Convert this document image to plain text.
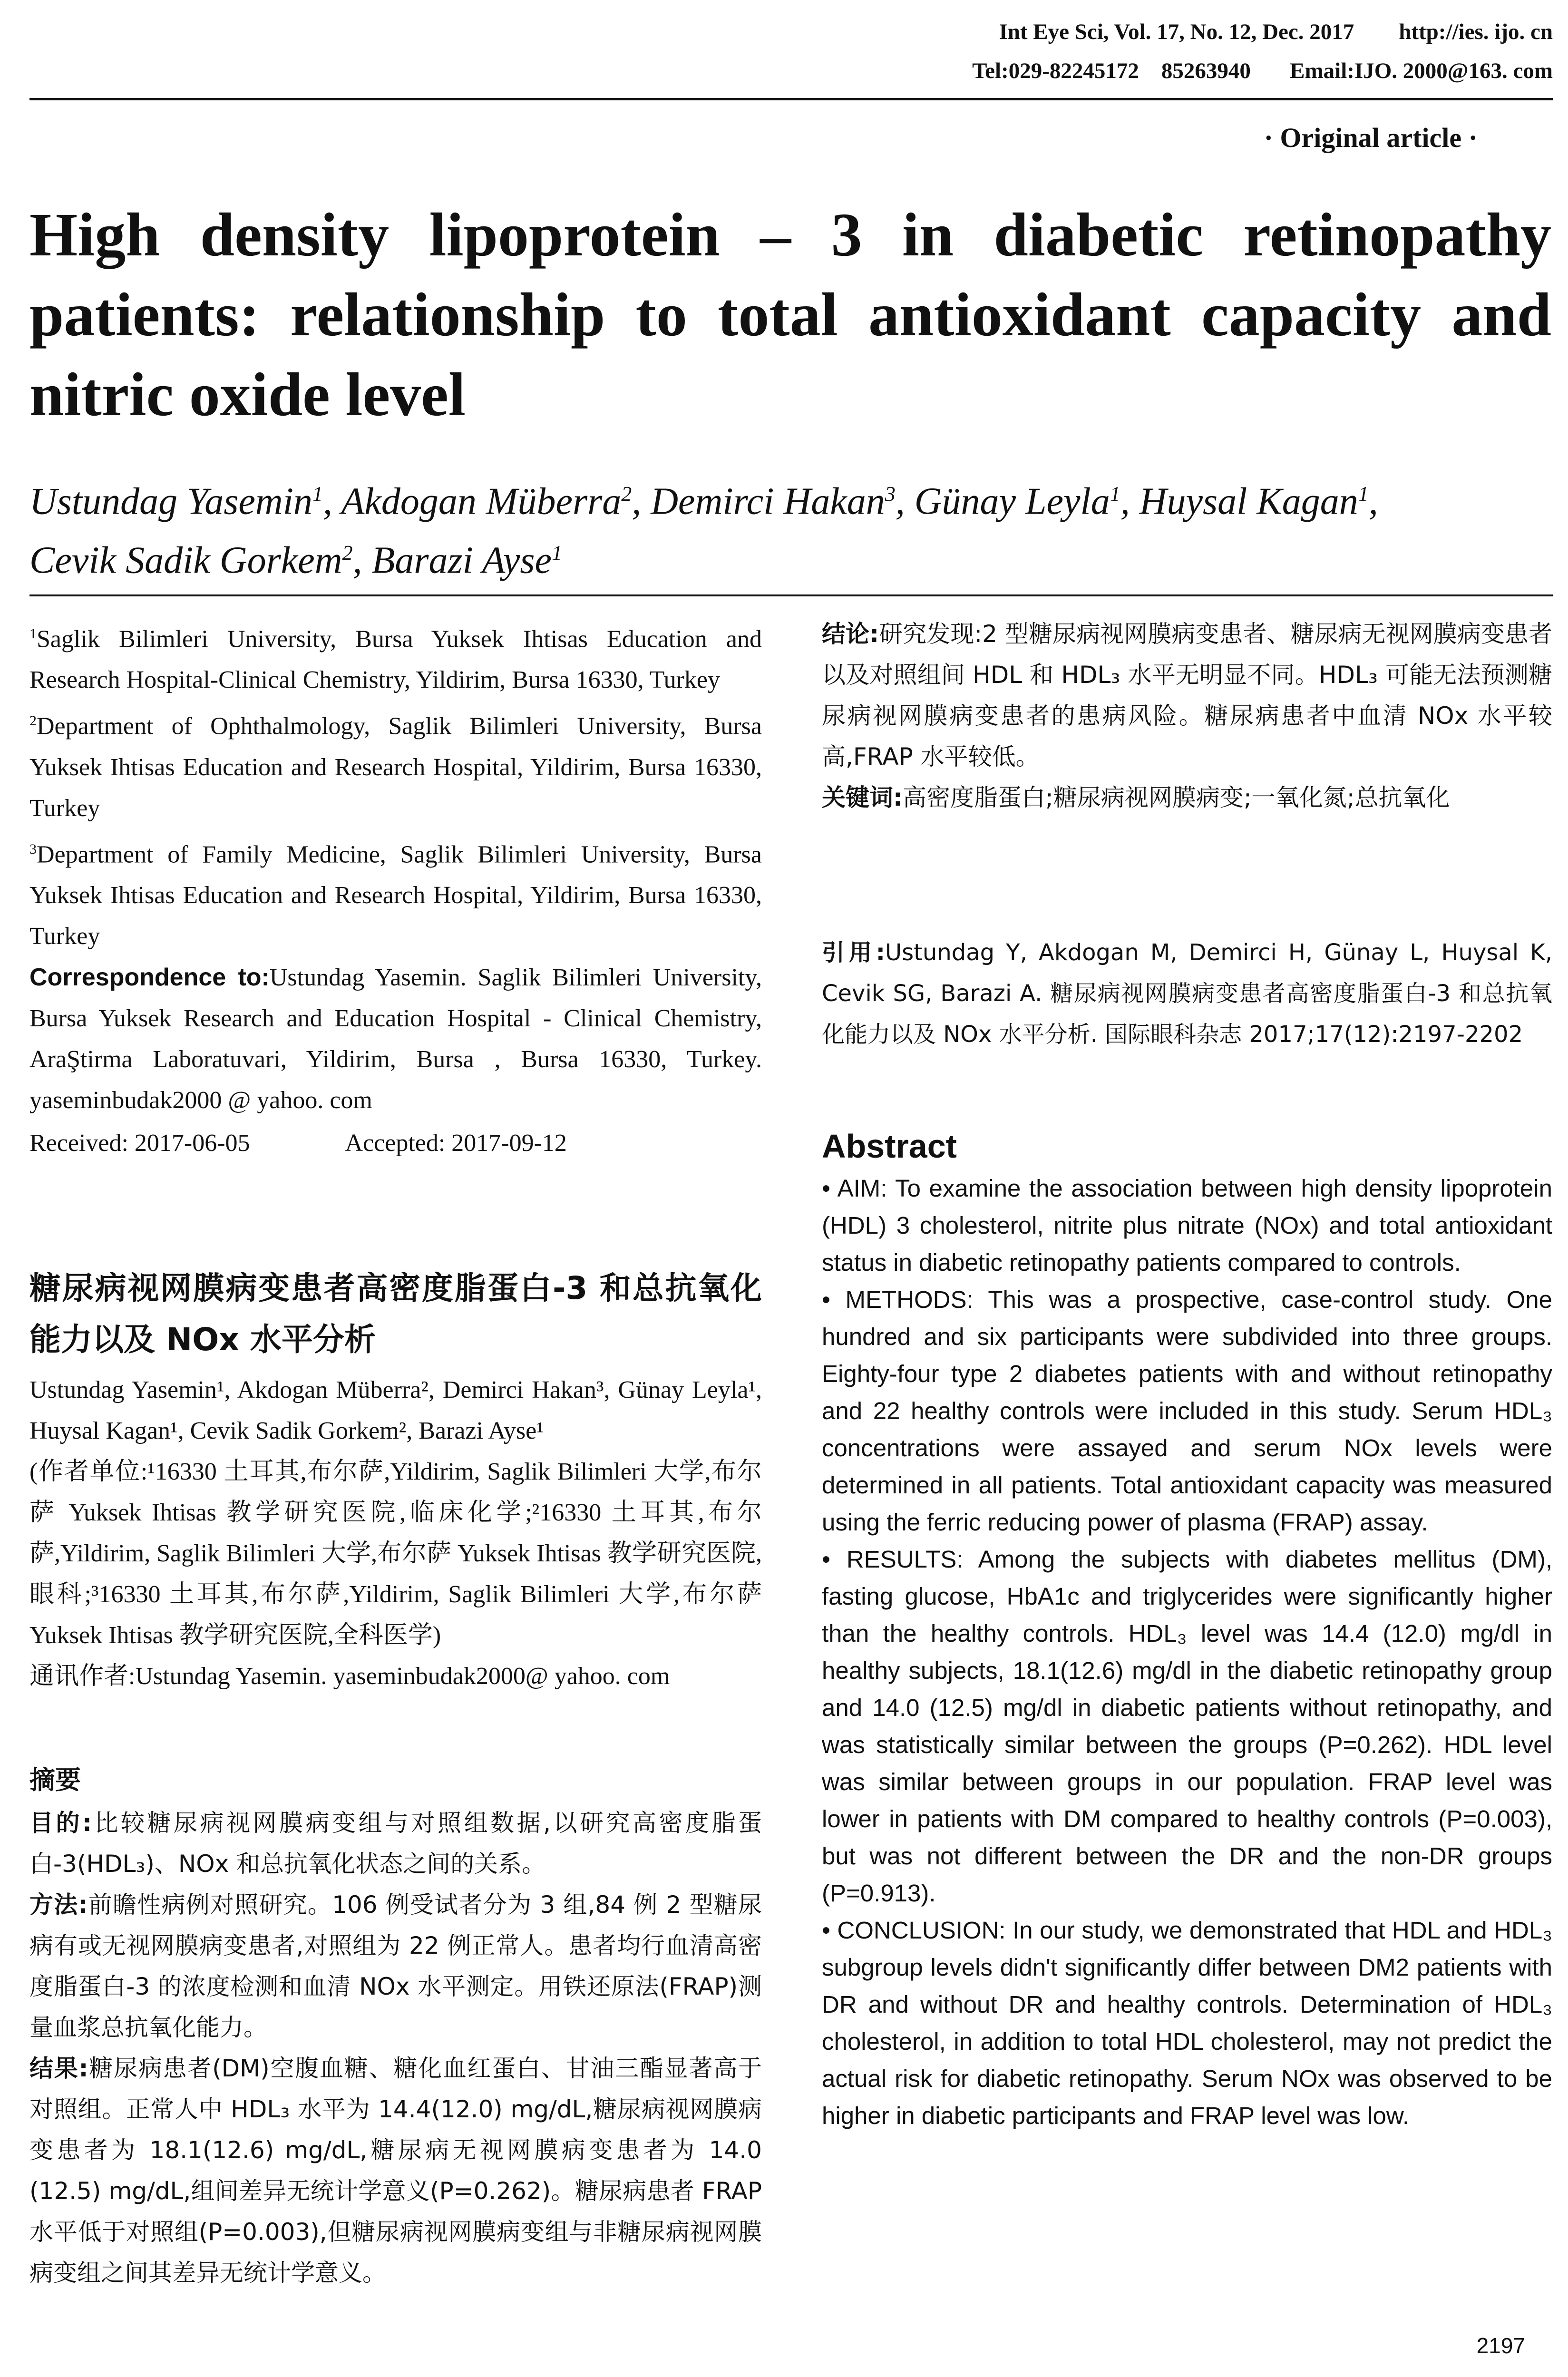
Int Eye Sci, Vol. 17, No. 12, Dec. 2017        http://ies. ijo. cn
Tel:029-82245172    85263940       Email:IJO. 2000@163. com
· Original article ·
High density lipoprotein – 3 in diabetic retinopathy patients: relationship to total antioxidant capacity and nitric oxide level
Ustundag Yasemin$^1$, Akdogan Müberra$^2$, Demirci Hakan$^3$, Günay Leyla$^1$, Huysal Kagan$^1$,
Cevik Sadik Gorkem$^2$, Barazi Ayse$^1$

$^1$Saglik Bilimleri University, Bursa Yuksek Ihtisas Education and Research Hospital-Clinical Chemistry, Yildirim, Bursa 16330, Turkey

$^2$Department of Ophthalmology, Saglik Bilimleri University, Bursa Yuksek Ihtisas Education and Research Hospital, Yildirim, Bursa 16330, Turkey

$^3$Department of Family Medicine, Saglik Bilimleri University, Bursa Yuksek Ihtisas Education and Research Hospital, Yildirim, Bursa 16330, Turkey

Correspondence to:Ustundag Yasemin. Saglik Bilimleri University, Bursa Yuksek Research and Education Hospital - Clinical Chemistry, AraŞtirma Laboratuvari, Yildirim, Bursa , Bursa 16330, Turkey. yaseminbudak2000 @ yahoo. com

Received: 2017-06-05	Accepted: 2017-09-12
糖尿病视网膜病变患者高密度脂蛋白-3 和总抗氧化能力以及 NOx 水平分析

Ustundag Yasemin¹, Akdogan Müberra², Demirci Hakan³, Günay Leyla¹, Huysal Kagan¹, Cevik Sadik Gorkem², Barazi Ayse¹

(作者单位:¹16330 土耳其,布尔萨,Yildirim, Saglik Bilimleri 大学,布尔萨 Yuksek Ihtisas 教学研究医院,临床化学;²16330 土耳其,布尔萨,Yildirim, Saglik Bilimleri 大学,布尔萨 Yuksek Ihtisas 教学研究医院,眼科;³16330 土耳其,布尔萨,Yildirim, Saglik Bilimleri 大学,布尔萨 Yuksek Ihtisas 教学研究医院,全科医学)

通讯作者:Ustundag Yasemin. yaseminbudak2000@ yahoo. com

摘要

目的:比较糖尿病视网膜病变组与对照组数据,以研究高密度脂蛋白-3(HDL₃)、NOx 和总抗氧化状态之间的关系。

方法:前瞻性病例对照研究。106 例受试者分为 3 组,84 例 2 型糖尿病有或无视网膜病变患者,对照组为 22 例正常人。患者均行血清高密度脂蛋白-3 的浓度检测和血清 NOx 水平测定。用铁还原法(FRAP)测量血浆总抗氧化能力。

结果:糖尿病患者(DM)空腹血糖、糖化血红蛋白、甘油三酯显著高于对照组。正常人中 HDL₃ 水平为 14.4(12.0) mg/dL,糖尿病视网膜病变患者为 18.1(12.6) mg/dL,糖尿病无视网膜病变患者为 14.0 (12.5) mg/dL,组间差异无统计学意义(P=0.262)。糖尿病患者 FRAP 水平低于对照组(P=0.003),但糖尿病视网膜病变组与非糖尿病视网膜病变组之间其差异无统计学意义。

结论:研究发现:2 型糖尿病视网膜病变患者、糖尿病无视网膜病变患者以及对照组间 HDL 和 HDL₃ 水平无明显不同。HDL₃ 可能无法预测糖尿病视网膜病变患者的患病风险。糖尿病患者中血清 NOx 水平较高,FRAP 水平较低。

关键词:高密度脂蛋白;糖尿病视网膜病变;一氧化氮;总抗氧化

引用:Ustundag Y, Akdogan M, Demirci H, Günay L, Huysal K, Cevik SG, Barazi A. 糖尿病视网膜病变患者高密度脂蛋白-3 和总抗氧化能力以及 NOx 水平分析. 国际眼科杂志 2017;17(12):2197-2202

Abstract

• AIM: To examine the association between high density lipoprotein (HDL) 3 cholesterol, nitrite plus nitrate (NOx) and total antioxidant status in diabetic retinopathy patients compared to controls.

• METHODS: This was a prospective, case-control study. One hundred and six participants were subdivided into three groups. Eighty-four type 2 diabetes patients with and without retinopathy and 22 healthy controls were included in this study. Serum HDL₃ concentrations were assayed and serum NOx levels were determined in all patients. Total antioxidant capacity was measured using the ferric reducing power of plasma (FRAP) assay.

• RESULTS: Among the subjects with diabetes mellitus (DM), fasting glucose, HbA1c and triglycerides were significantly higher than the healthy controls. HDL₃ level was 14.4 (12.0) mg/dl in healthy subjects, 18.1(12.6) mg/dl in the diabetic retinopathy group and 14.0 (12.5) mg/dl in diabetic patients without retinopathy, and was statistically similar between the groups (P=0.262). HDL level was similar between groups in our population. FRAP level was lower in patients with DM compared to healthy controls (P=0.003), but was not different between the DR and the non-DR groups (P=0.913).

• CONCLUSION: In our study, we demonstrated that HDL and HDL₃ subgroup levels didn't significantly differ between DM2 patients with DR and without DR and healthy controls. Determination of HDL₃ cholesterol, in addition to total HDL cholesterol, may not predict the actual risk for diabetic retinopathy. Serum NOx was observed to be higher in diabetic participants and FRAP level was low.

2197
